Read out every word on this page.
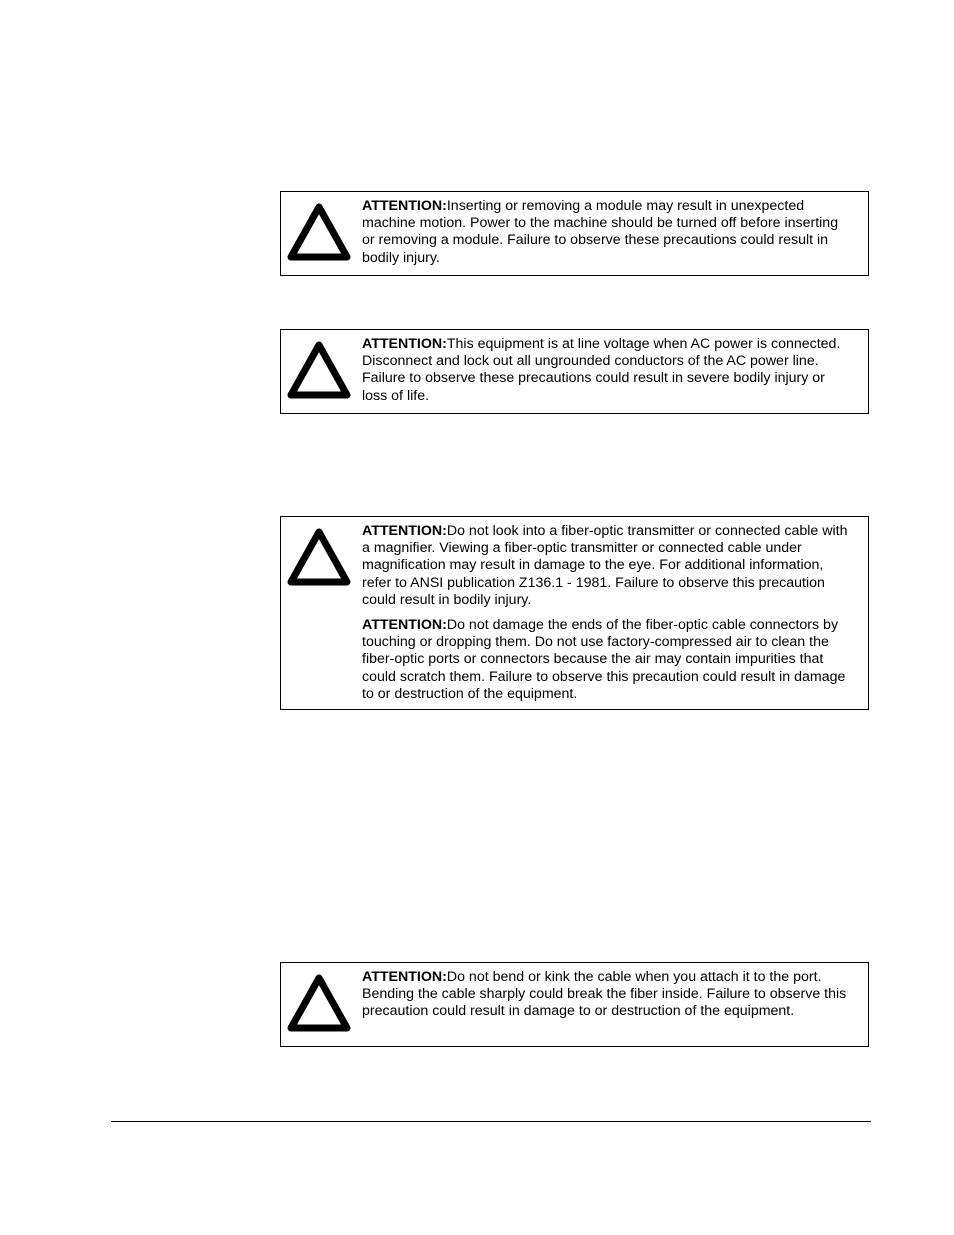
ATTENTION:Inserting or removing a module may result in unexpected machine motion. Power to the machine should be turned off before inserting or removing a module. Failure to observe these precautions could result in bodily injury.

ATTENTION:This equipment is at line voltage when AC power is connected. Disconnect and lock out all ungrounded conductors of the AC power line. Failure to observe these precautions could result in severe bodily injury or loss of life.

ATTENTION:Do not look into a fiber-optic transmitter or connected cable with a magnifier. Viewing a fiber-optic transmitter or connected cable under magnification may result in damage to the eye. For additional information, refer to ANSI publication Z136.1 - 1981. Failure to observe this precaution could result in bodily injury.

ATTENTION:Do not damage the ends of the fiber-optic cable connectors by touching or dropping them. Do not use factory-compressed air to clean the fiber-optic ports or connectors because the air may contain impurities that could scratch them. Failure to observe this precaution could result in damage to or destruction of the equipment.

ATTENTION:Do not bend or kink the cable when you attach it to the port. Bending the cable sharply could break the fiber inside. Failure to observe this precaution could result in damage to or destruction of the equipment.
